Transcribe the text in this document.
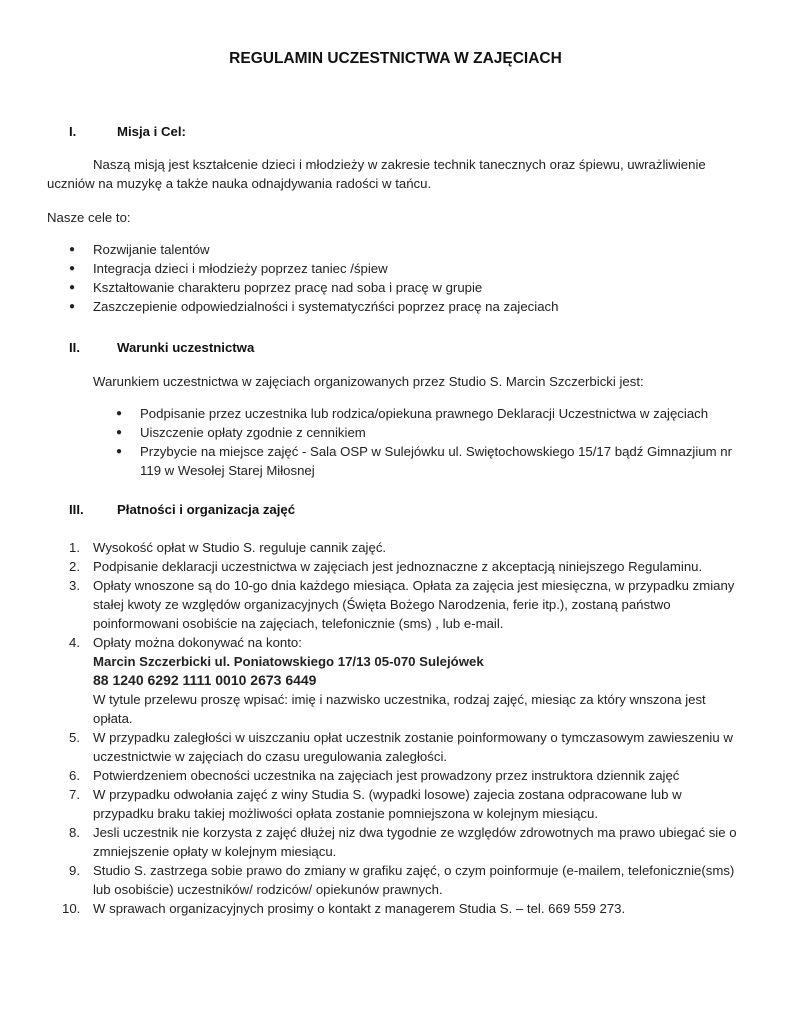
REGULAMIN UCZESTNICTWA W ZAJĘCIACH
I.	Misja i Cel:
Naszą misją jest kształcenie dzieci i młodzieży w zakresie technik tanecznych oraz śpiewu, uwrażliwienie
uczniów na muzykę a także nauka odnajdywania radości w tańcu.
Nasze cele to:
● Rozwijanie talentów
● Integracja dzieci i młodzieży poprzez taniec /śpiew
● Kształtowanie charakteru poprzez pracę nad soba i pracę w grupie
● Zaszczepienie odpowiedzialności i systematyczńści poprzez pracę na zajeciach
II.	Warunki uczestnictwa
Warunkiem uczestnictwa w zajęciach organizowanych przez Studio S. Marcin Szczerbicki jest:
● Podpisanie przez uczestnika lub rodzica/opiekuna prawnego Deklaracji Uczestnictwa w zajęciach
● Uiszczenie opłaty zgodnie z cennikiem
● Przybycie na miejsce zajęć - Sala OSP w Sulejówku ul. Swiętochowskiego 15/17 bądź Gimnazjium nr
119 w Wesołej Starej Miłosnej
III.	Płatności i organizacja zajęć
1. Wysokość opłat w Studio S. reguluje cannik zajęć.
2. Podpisanie deklaracji uczestnictwa w zajęciach jest jednoznaczne z akceptacją niniejszego Regulaminu.
3. Opłaty wnoszone są do 10-go dnia każdego miesiąca. Opłata za zajęcia jest miesięczna, w przypadku zmiany
stałej kwoty ze względów organizacyjnych (Święta Bożego Narodzenia, ferie itp.), zostaną państwo
poinformowani osobiście na zajęciach, telefonicznie (sms) , lub e-mail.
4. Opłaty można dokonywać na konto:
Marcin Szczerbicki ul. Poniatowskiego 17/13 05-070 Sulejówek
88 1240 6292 1111 0010 2673 6449
W tytule przelewu proszę wpisać: imię i nazwisko uczestnika, rodzaj zajęć, miesiąc za który wnszona jest
opłata.
5. W przypadku zaległości w uiszczaniu opłat uczestnik zostanie poinformowany o tymczasowym zawieszeniu w
uczestnictwie w zajęciach do czasu uregulowania zaległości.
6. Potwierdzeniem obecności uczestnika na zajęciach jest prowadzony przez instruktora dziennik zajęć
7. W przypadku odwołania zajęć z winy Studia S. (wypadki losowe) zajecia zostana odpracowane lub w
przypadku braku takiej możliwości opłata zostanie pomniejszona w kolejnym miesiącu.
8. Jesli uczestnik nie korzysta z zajęć dłużej niz dwa tygodnie ze względów zdrowotnych ma prawo ubiegać sie o
zmniejszenie opłaty w kolejnym miesiącu.
9. Studio S. zastrzega sobie prawo do zmiany w grafiku zajęć, o czym poinformuje (e-mailem, telefonicznie(sms)
lub osobiście) uczestników/ rodziców/ opiekunów prawnych.
10. W sprawach organizacyjnych prosimy o kontakt z managerem Studia S. – tel. 669 559 273.
